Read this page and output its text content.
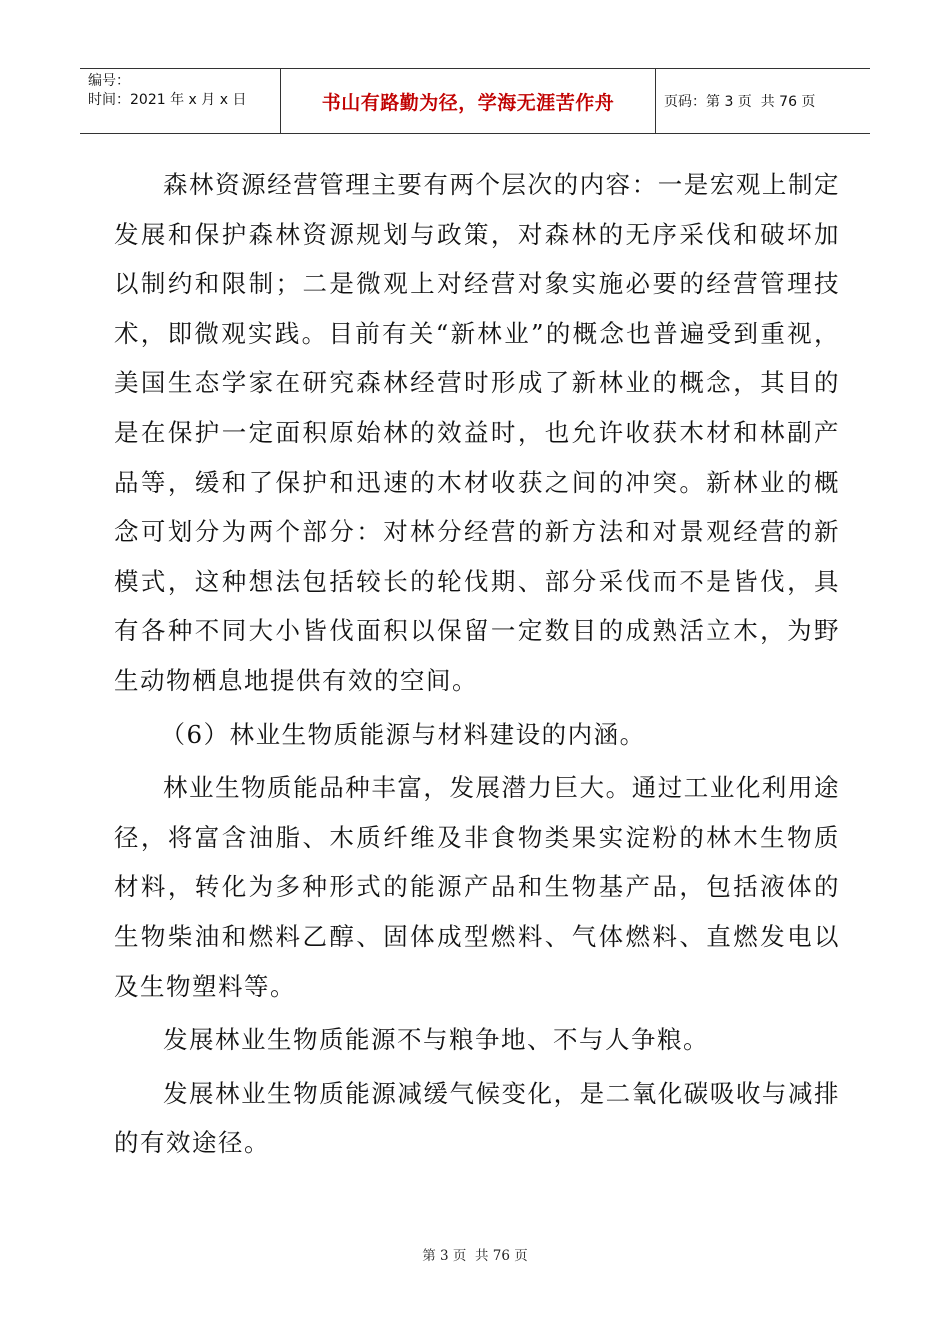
编号：
时间：2021 年 x 月 x 日	书山有路勤为径，学海无涯苦作舟	页码：第 3 页  共 76 页

森林资源经营管理主要有两个层次的内容：一是宏观上制定发展和保护森林资源规划与政策，对森林的无序采伐和破坏加以制约和限制；二是微观上对经营对象实施必要的经营管理技术，即微观实践。目前有关“新林业”的概念也普遍受到重视，美国生态学家在研究森林经营时形成了新林业的概念，其目的是在保护一定面积原始林的效益时，也允许收获木材和林副产品等，缓和了保护和迅速的木材收获之间的冲突。新林业的概念可划分为两个部分：对林分经营的新方法和对景观经营的新模式，这种想法包括较长的轮伐期、部分采伐而不是皆伐，具有各种不同大小皆伐面积以保留一定数目的成熟活立木，为野生动物栖息地提供有效的空间。

（6）林业生物质能源与材料建设的内涵。

林业生物质能品种丰富，发展潜力巨大。通过工业化利用途径，将富含油脂、木质纤维及非食物类果实淀粉的林木生物质材料，转化为多种形式的能源产品和生物基产品，包括液体的生物柴油和燃料乙醇、固体成型燃料、气体燃料、直燃发电以及生物塑料等。

发展林业生物质能源不与粮争地、不与人争粮。

发展林业生物质能源减缓气候变化，是二氧化碳吸收与减排的有效途径。

第 3 页  共 76 页
